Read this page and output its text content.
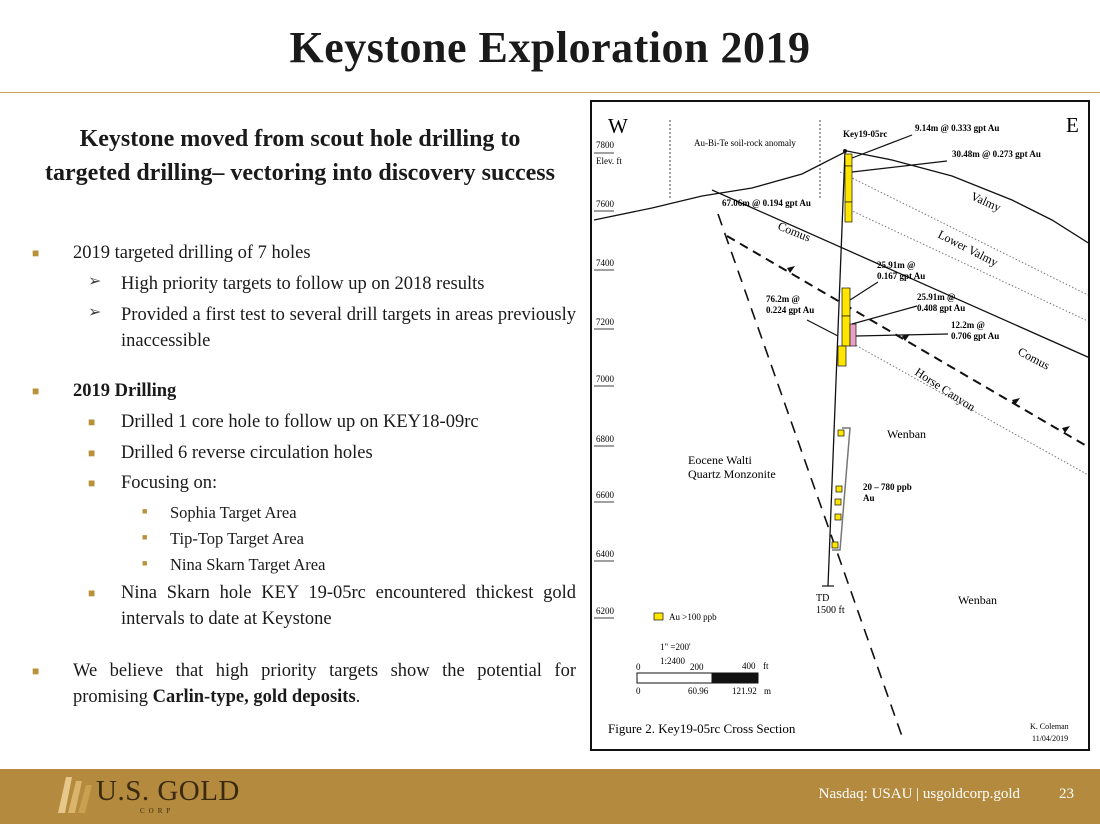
Keystone Exploration 2019
Keystone moved from scout hole drilling to targeted drilling– vectoring into discovery success
■ 2019 targeted drilling of 7 holes
➢ High priority targets to follow up on 2018 results
➢ Provided a first test to several drill targets in areas previously inaccessible
■ 2019 Drilling
■ Drilled 1 core hole to follow up on KEY18-09rc
■ Drilled 6 reverse circulation holes
■ Focusing on:
■ Sophia Target Area
■ Tip-Top Target Area
■ Nina Skarn Target Area
■ Nina Skarn hole KEY 19-05rc encountered thickest gold intervals to date at Keystone
■ We believe that high priority targets show the potential for promising Carlin-type, gold deposits.
W	E
7800
Elev. ft
7600
7400
7200
7000
6800
6600
6400
6200
Au-Bi-Te soil-rock anomaly
9.14m @ 0.333 gpt Au
Key19-05rc
30.48m @ 0.273 gpt Au
67.06m @ 0.194 gpt Au
25.91m @
0.167 gpt Au
25.91m @
0.408 gpt Au
76.2m @
0.224 gpt Au
12.2m @
0.706 gpt Au
20 – 780 ppb
Au
Valmy
Lower Valmy
Comus
Comus
Horse Canyon
Wenban
Wenban
Eocene Walti
Quartz Monzonite
TD
1500 ft
Au >100 ppb
1" =200'
1:2400
0	200	400 ft
0	60.96	121.92 m
Figure 2. Key19-05rc Cross Section	K. Coleman
11/04/2019
U.S. GOLD
CORP
Nasdaq: USAU | usgoldcorp.gold	23
